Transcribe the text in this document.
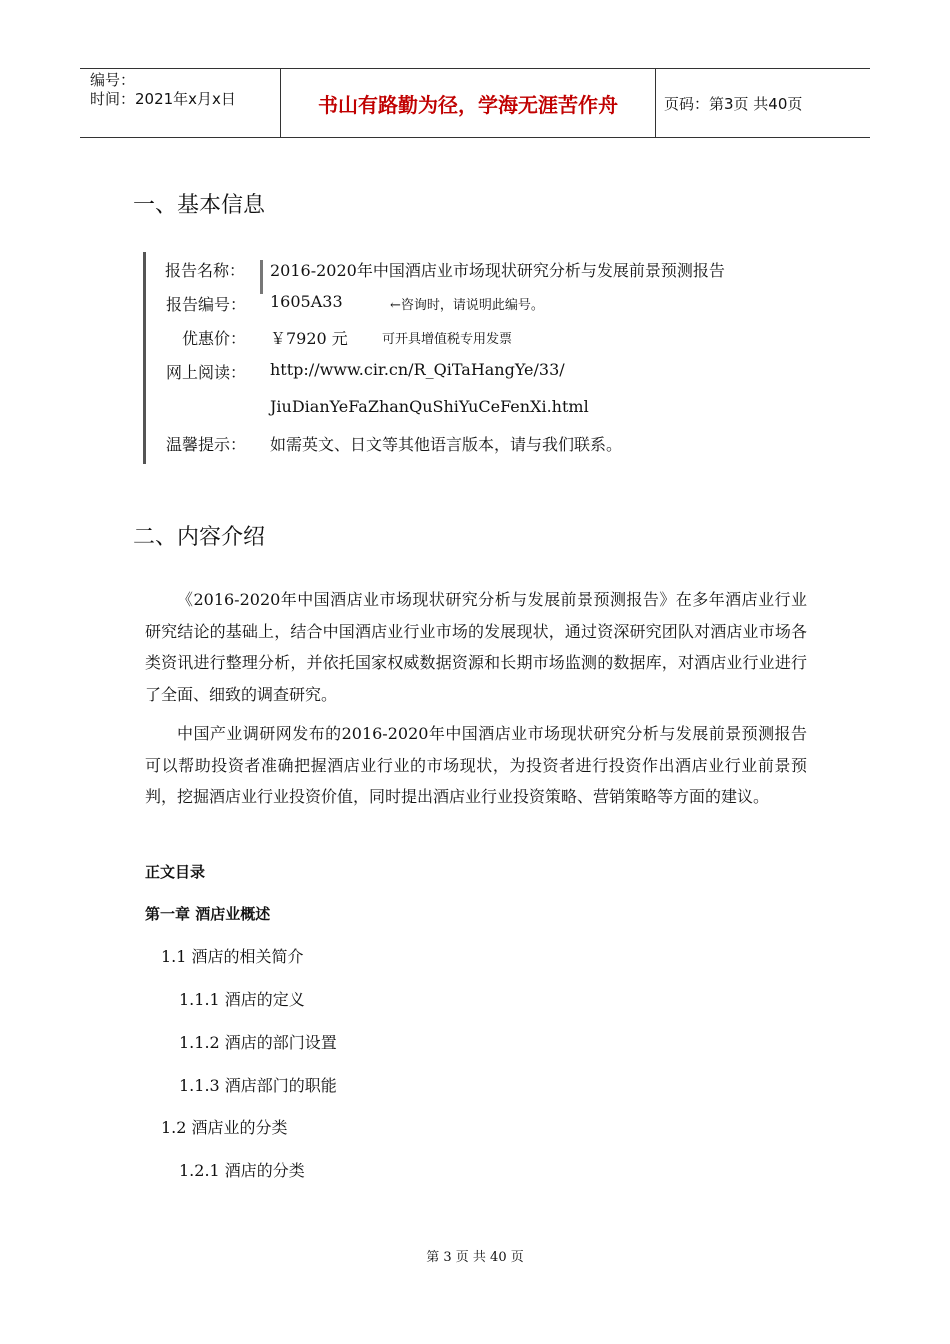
编号：
时间：2021年x月x日	书山有路勤为径，学海无涯苦作舟	页码：第3页 共40页
一、基本信息
报告名称： 2016-2020年中国酒店业市场现状研究分析与发展前景预测报告
报告编号： 1605A33	←咨询时，请说明此编号。
优惠价： ￥7920 元	可开具增值税专用发票
网上阅读： http://www.cir.cn/R_QiTaHangYe/33/
JiuDianYeFaZhanQuShiYuCeFenXi.html
温馨提示： 如需英文、日文等其他语言版本，请与我们联系。
二、内容介绍

《2016-2020年中国酒店业市场现状研究分析与发展前景预测报告》在多年酒店业行业研究结论的基础上，结合中国酒店业行业市场的发展现状，通过资深研究团队对酒店业市场各类资讯进行整理分析，并依托国家权威数据资源和长期市场监测的数据库，对酒店业行业进行了全面、细致的调查研究。

中国产业调研网发布的2016-2020年中国酒店业市场现状研究分析与发展前景预测报告可以帮助投资者准确把握酒店业行业的市场现状，为投资者进行投资作出酒店业行业前景预判，挖掘酒店业行业投资价值，同时提出酒店业行业投资策略、营销策略等方面的建议。

正文目录
第一章 酒店业概述
1.1 酒店的相关简介
1.1.1 酒店的定义
1.1.2 酒店的部门设置
1.1.3 酒店部门的职能
1.2 酒店业的分类
1.2.1 酒店的分类
第 3 页 共 40 页
